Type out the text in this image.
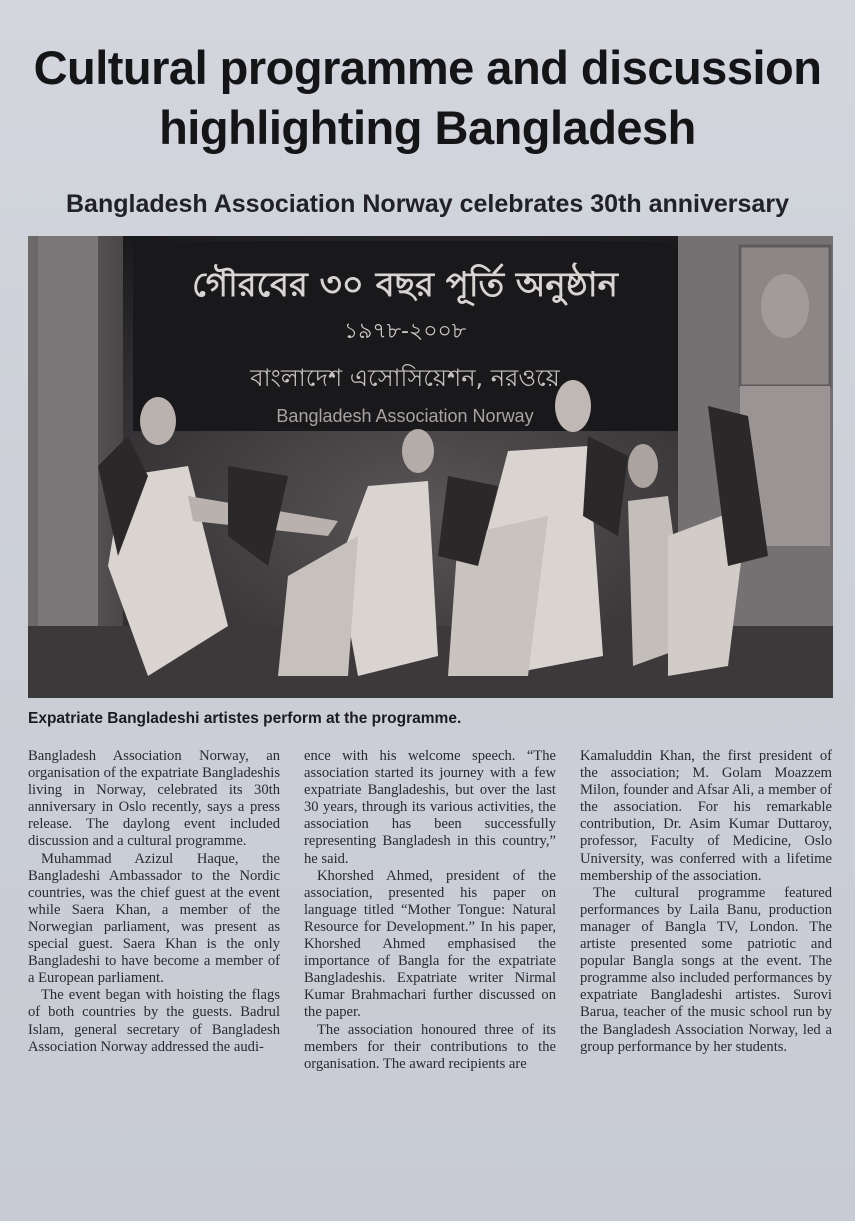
Cultural programme and discussion
highlighting Bangladesh
Bangladesh Association Norway celebrates 30th anniversary
গৌরবের ৩০ বছর পূর্তি অনুষ্ঠান
১৯৭৮-২০০৮
বাংলাদেশ এসোসিয়েশন, নরওয়ে
Bangladesh Association Norway

Expatriate Bangladeshi artistes perform at the programme.

Bangladesh Association Norway, an organisation of the expatriate Bangladeshis living in Norway, celebrated its 30th anniversary in Oslo recently, says a press release. The daylong event included discussion and a cultural programme.

Muhammad Azizul Haque, the Bangladeshi Ambassador to the Nordic countries, was the chief guest at the event while Saera Khan, a member of the Norwegian parliament, was present as special guest. Saera Khan is the only Bangladeshi to have become a member of a European parliament.

The event began with hoisting the flags of both countries by the guests. Badrul Islam, general secretary of Bangladesh Association Norway addressed the audi-

ence with his welcome speech. “The association started its journey with a few expatriate Bangladeshis, but over the last 30 years, through its various activities, the association has been successfully representing Bangladesh in this country,” he said.

Khorshed Ahmed, president of the association, presented his paper on language titled “Mother Tongue: Natural Resource for Development.” In his paper, Khorshed Ahmed emphasised the importance of Bangla for the expatriate Bangladeshis. Expatriate writer Nirmal Kumar Brahmachari further discussed on the paper.

The association honoured three of its members for their contributions to the organisation. The award recipients are

Kamaluddin Khan, the first president of the association; M. Golam Moazzem Milon, founder and Afsar Ali, a member of the association. For his remarkable contribution, Dr. Asim Kumar Duttaroy, professor, Faculty of Medicine, Oslo University, was conferred with a lifetime membership of the association.

The cultural programme featured performances by Laila Banu, production manager of Bangla TV, London. The artiste presented some patriotic and popular Bangla songs at the event. The programme also included performances by expatriate Bangladeshi artistes. Surovi Barua, teacher of the music school run by the Bangladesh Association Norway, led a group performance by her students.
